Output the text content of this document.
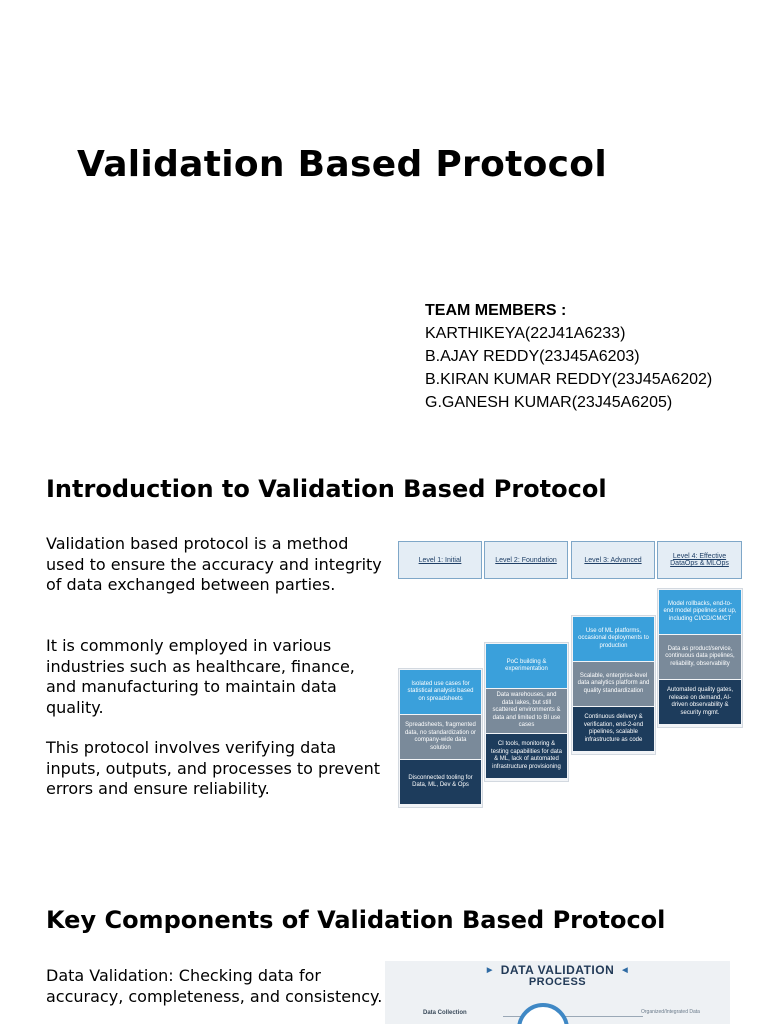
Validation Based Protocol
TEAM MEMBERS :
KARTHIKEYA(22J41A6233)
B.AJAY REDDY(23J45A6203)
B.KIRAN KUMAR REDDY(23J45A6202)
G.GANESH KUMAR(23J45A6205)
Introduction to Validation Based Protocol

Validation based protocol is a method used to ensure the accuracy and integrity of data exchanged between parties.

It is commonly employed in various industries such as healthcare, finance, and manufacturing to maintain data quality.

This protocol involves verifying data inputs, outputs, and processes to prevent errors and ensure reliability.

Level 1: Initial	Level 2: Foundation	Level 3: Advanced	Level 4: Effective DataOps & MLOps
Isolated use cases for statistical analysis based on spreadsheets
Spreadsheets, fragmented data, no standardization or company-wide data solution
Disconnected tooling for Data, ML, Dev & Ops
PoC building & experimentation
Data warehouses, and data lakes, but still scattered environments & data and limited to BI use cases
CI tools, monitoring & testing capabilities for data & ML, lack of automated infrastructure provisioning
Use of ML platforms, occasional deployments to production
Scalable, enterprise-level data analytics platform and quality standardization
Continuous delivery & verification, end-2-end pipelines, scalable infrastructure as code
Model rollbacks, end-to-end model pipelines set up, including CI/CD/CM/CT
Data as product/service, continuous data pipelines, reliability, observability
Automated quality gates, release on demand, AI-driven observability & security mgmt.
Key Components of Validation Based Protocol

Data Validation: Checking data for accuracy, completeness, and consistency.

▶ DATA VALIDATION ◀
PROCESS
Data Collection	Organized/Integrated Data
